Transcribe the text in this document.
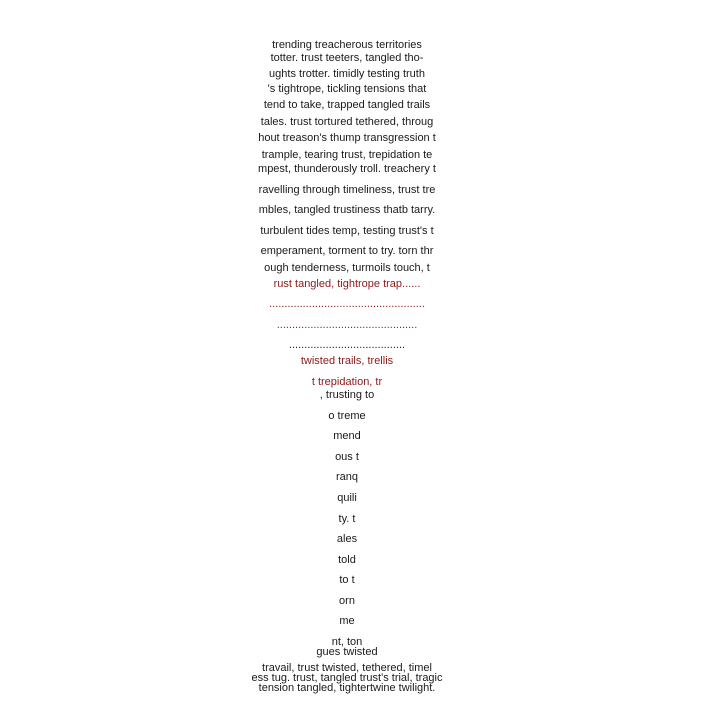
trending treacherous territories
totter. trust teeters, tangled tho-
ughts trotter. timidly testing truth
's tightrope, tickling tensions that
tend to take, trapped tangled trails
tales. trust tortured tethered, throug
hout treason's thump transgression t
trample, tearing trust, trepidation te
mpest, thunderously troll. treachery t
ravelling through timeliness, trust tre
mbles, tangled trustiness thatb tarry.
turbulent tides temp, testing trust's t
emperament, torment to try. torn thr
ough tenderness, turmoils touch, t
rust tangled, tightrope trap......
...................................................
..............................................
......................................
twisted trails, trellis
t trepidation, tr
, trusting to
o treme
mend
ous t
ranq
quili
ty. t
ales
told
to t
orn
me
nt, ton
gues twisted
travail, trust twisted, tethered, timel
ess tug. trust, tangled trust's trial, tragic
tension tangled, tightertwine twilight.
